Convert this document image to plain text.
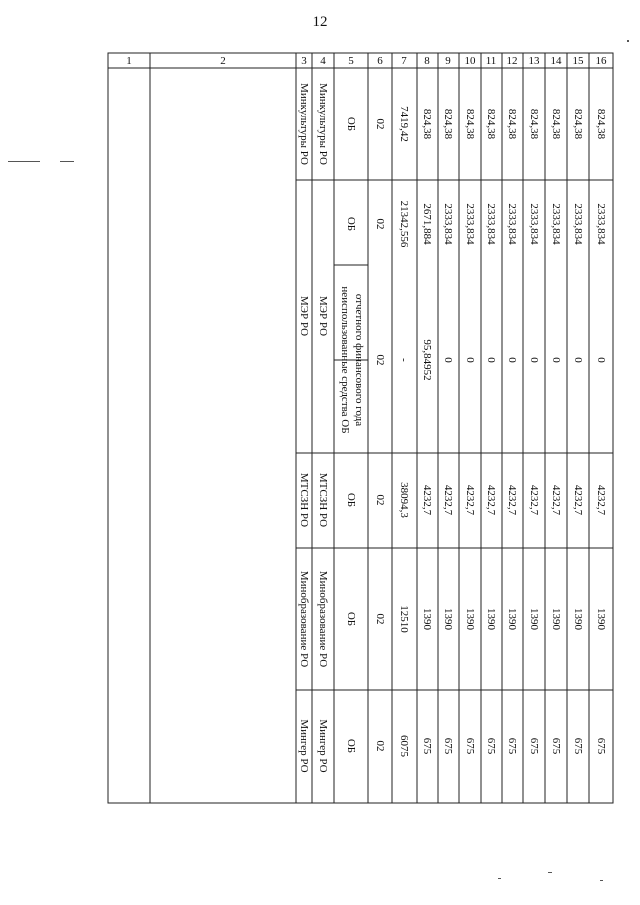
12
1	2	3 4 5 6 7 8 9 10 11 12 13 14 15 16
Минкультуры РО Минкультуры РО ОБ 02
МЭР РО МЭР РО
ОБ 02
неиспользованные средства ОБ отчетного финансового года 02
МТСЗН РО МТСЗН РО ОБ 02
Минобразование РО Минобразование РО ОБ 02
Мингер РО Мингер РО ОБ 02
7419,42
21342,556
-
38094,3
12510
6075
824,38
2671,884
95,84952
4232,7
1390
675
824,38
2333,834
0
4232,7
1390
675
824,38
2333,834
0
4232,7
1390
675
824,38
2333,834
0
4232,7
1390
675
824,38
2333,834
0
4232,7
1390
675
824,38
2333,834
0
4232,7
1390
675
824,38
2333,834
0
4232,7
1390
675
824,38
2333,834
0
4232,7
1390
675
824,38
2333,834
0
4232,7
1390
675
